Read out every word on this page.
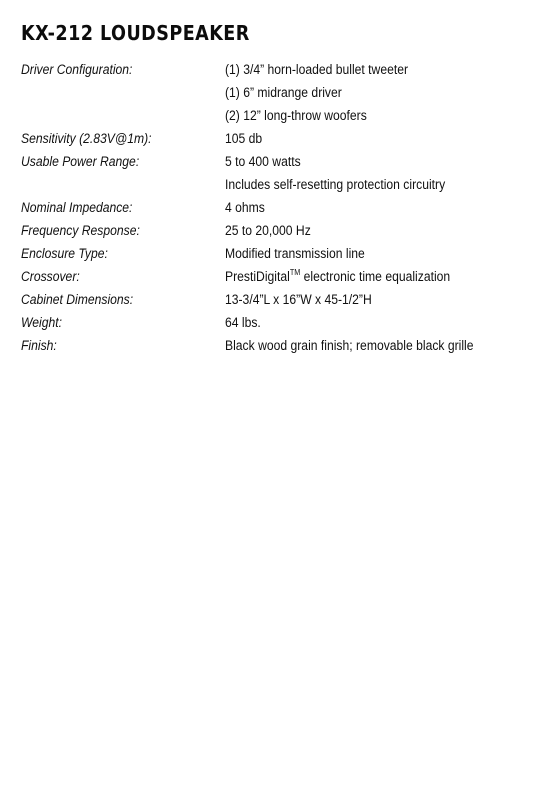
KX-212 LOUDSPEAKER
Driver Configuration:	(1) 3/4” horn-loaded bullet tweeter
(1) 6” midrange driver
(2) 12” long-throw woofers
Sensitivity (2.83V@1m):	105 db
Usable Power Range:	5 to 400 watts
Includes self-resetting protection circuitry
Nominal Impedance:	4 ohms
Frequency Response:	25 to 20,000 Hz
Enclosure Type:	Modified transmission line
Crossover:	PrestiDigital™ electronic time equalization
Cabinet Dimensions:	13-3/4”L x 16”W x 45-1/2”H
Weight:	64 lbs.
Finish:	Black wood grain finish; removable black grille
